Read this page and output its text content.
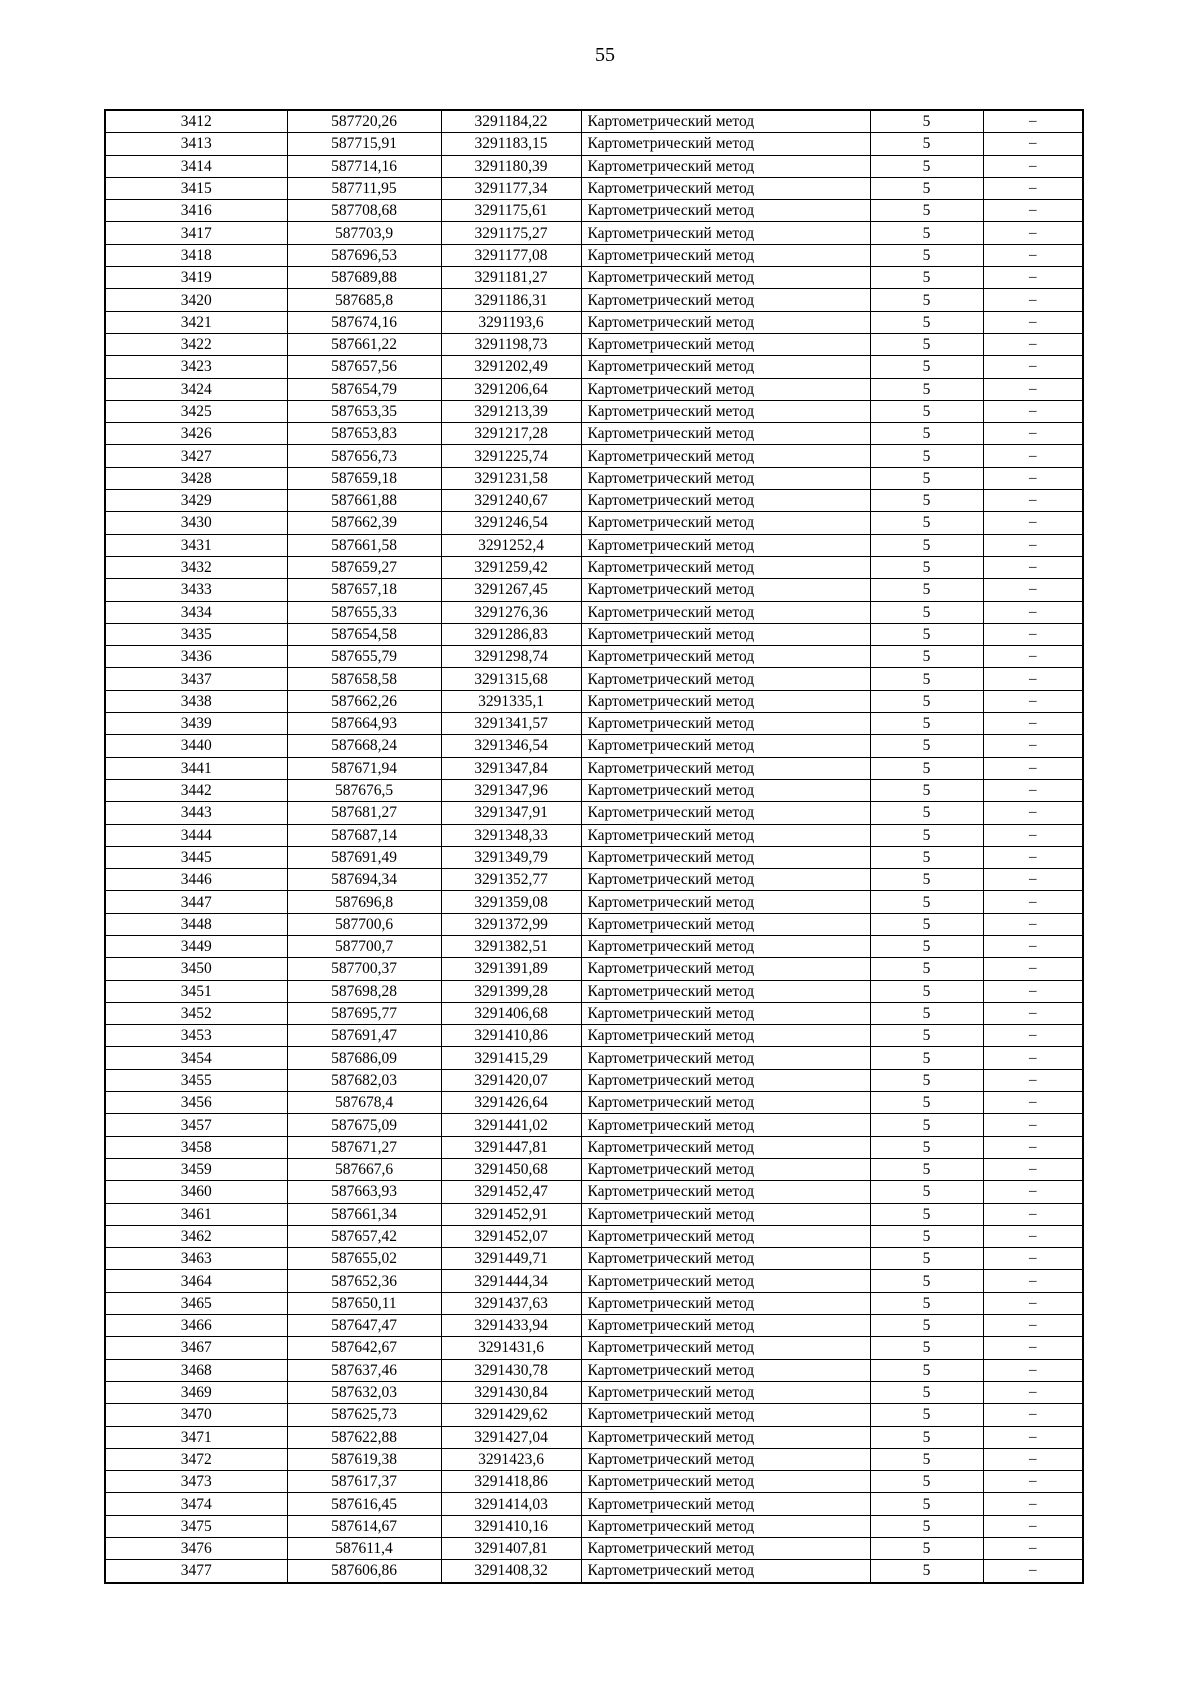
55
3412	587720,26	3291184,22	Картометрический метод	5	–
3413	587715,91	3291183,15	Картометрический метод	5	–
3414	587714,16	3291180,39	Картометрический метод	5	–
3415	587711,95	3291177,34	Картометрический метод	5	–
3416	587708,68	3291175,61	Картометрический метод	5	–
3417	587703,9	3291175,27	Картометрический метод	5	–
3418	587696,53	3291177,08	Картометрический метод	5	–
3419	587689,88	3291181,27	Картометрический метод	5	–
3420	587685,8	3291186,31	Картометрический метод	5	–
3421	587674,16	3291193,6	Картометрический метод	5	–
3422	587661,22	3291198,73	Картометрический метод	5	–
3423	587657,56	3291202,49	Картометрический метод	5	–
3424	587654,79	3291206,64	Картометрический метод	5	–
3425	587653,35	3291213,39	Картометрический метод	5	–
3426	587653,83	3291217,28	Картометрический метод	5	–
3427	587656,73	3291225,74	Картометрический метод	5	–
3428	587659,18	3291231,58	Картометрический метод	5	–
3429	587661,88	3291240,67	Картометрический метод	5	–
3430	587662,39	3291246,54	Картометрический метод	5	–
3431	587661,58	3291252,4	Картометрический метод	5	–
3432	587659,27	3291259,42	Картометрический метод	5	–
3433	587657,18	3291267,45	Картометрический метод	5	–
3434	587655,33	3291276,36	Картометрический метод	5	–
3435	587654,58	3291286,83	Картометрический метод	5	–
3436	587655,79	3291298,74	Картометрический метод	5	–
3437	587658,58	3291315,68	Картометрический метод	5	–
3438	587662,26	3291335,1	Картометрический метод	5	–
3439	587664,93	3291341,57	Картометрический метод	5	–
3440	587668,24	3291346,54	Картометрический метод	5	–
3441	587671,94	3291347,84	Картометрический метод	5	–
3442	587676,5	3291347,96	Картометрический метод	5	–
3443	587681,27	3291347,91	Картометрический метод	5	–
3444	587687,14	3291348,33	Картометрический метод	5	–
3445	587691,49	3291349,79	Картометрический метод	5	–
3446	587694,34	3291352,77	Картометрический метод	5	–
3447	587696,8	3291359,08	Картометрический метод	5	–
3448	587700,6	3291372,99	Картометрический метод	5	–
3449	587700,7	3291382,51	Картометрический метод	5	–
3450	587700,37	3291391,89	Картометрический метод	5	–
3451	587698,28	3291399,28	Картометрический метод	5	–
3452	587695,77	3291406,68	Картометрический метод	5	–
3453	587691,47	3291410,86	Картометрический метод	5	–
3454	587686,09	3291415,29	Картометрический метод	5	–
3455	587682,03	3291420,07	Картометрический метод	5	–
3456	587678,4	3291426,64	Картометрический метод	5	–
3457	587675,09	3291441,02	Картометрический метод	5	–
3458	587671,27	3291447,81	Картометрический метод	5	–
3459	587667,6	3291450,68	Картометрический метод	5	–
3460	587663,93	3291452,47	Картометрический метод	5	–
3461	587661,34	3291452,91	Картометрический метод	5	–
3462	587657,42	3291452,07	Картометрический метод	5	–
3463	587655,02	3291449,71	Картометрический метод	5	–
3464	587652,36	3291444,34	Картометрический метод	5	–
3465	587650,11	3291437,63	Картометрический метод	5	–
3466	587647,47	3291433,94	Картометрический метод	5	–
3467	587642,67	3291431,6	Картометрический метод	5	–
3468	587637,46	3291430,78	Картометрический метод	5	–
3469	587632,03	3291430,84	Картометрический метод	5	–
3470	587625,73	3291429,62	Картометрический метод	5	–
3471	587622,88	3291427,04	Картометрический метод	5	–
3472	587619,38	3291423,6	Картометрический метод	5	–
3473	587617,37	3291418,86	Картометрический метод	5	–
3474	587616,45	3291414,03	Картометрический метод	5	–
3475	587614,67	3291410,16	Картометрический метод	5	–
3476	587611,4	3291407,81	Картометрический метод	5	–
3477	587606,86	3291408,32	Картометрический метод	5	–
